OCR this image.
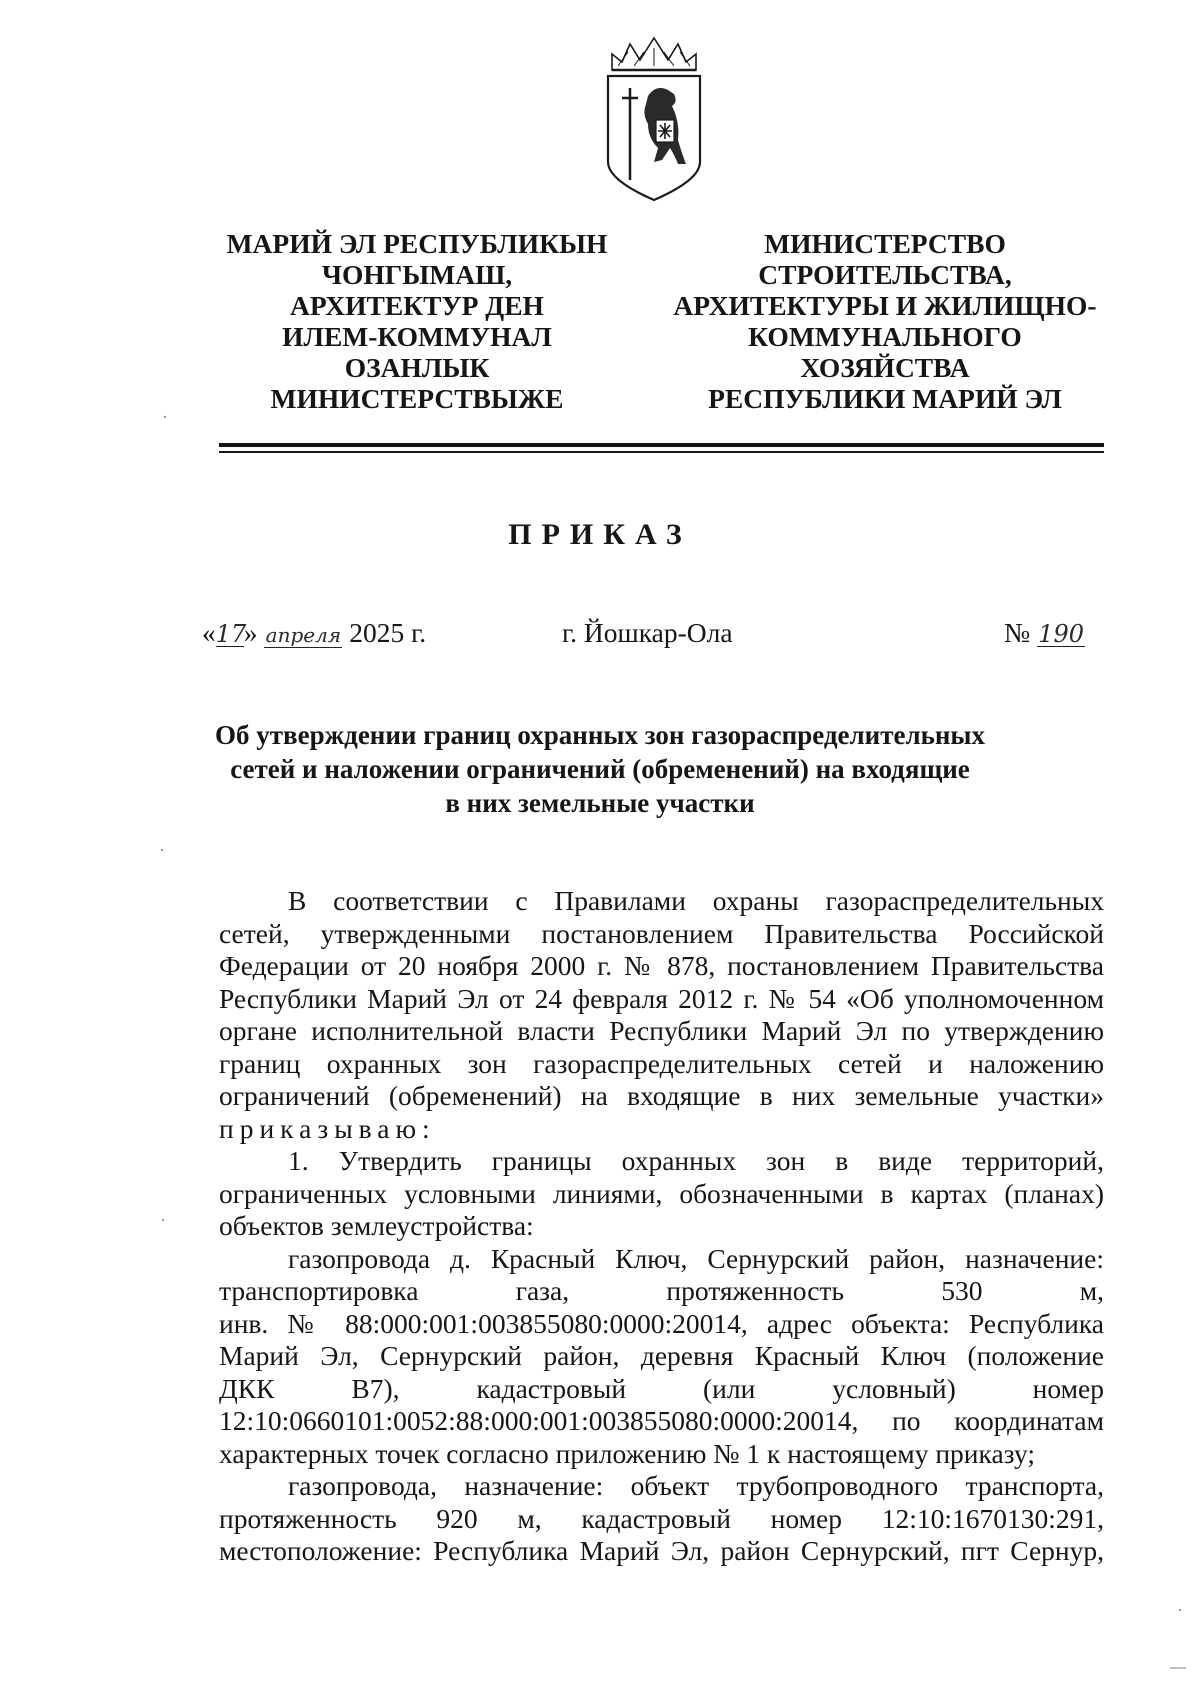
МАРИЙ ЭЛ РЕСПУБЛИКЫН
ЧОНГЫМАШ,
АРХИТЕКТУР ДЕН
ИЛЕМ-КОММУНАЛ
ОЗАНЛЫК
МИНИСТЕРСТВЫЖЕ
МИНИСТЕРСТВО
СТРОИТЕЛЬСТВА,
АРХИТЕКТУРЫ И ЖИЛИЩНО-
КОММУНАЛЬНОГО
ХОЗЯЙСТВА
РЕСПУБЛИКИ МАРИЙ ЭЛ
ПРИКАЗ
«17» апреля 2025 г.	г. Йошкар-Ола	№ 190
Об утверждении границ охранных зон газораспределительных
сетей и наложении ограничений (обременений) на входящие
в них земельные участки

В соответствии с Правилами охраны газораспределительных

сетей, утвержденными постановлением Правительства Российской

Федерации от 20 ноября 2000 г. № 878, постановлением Правительства

Республики Марий Эл от 24 февраля 2012 г. № 54 «Об уполномоченном

органе исполнительной власти Республики Марий Эл по утверждению

границ охранных зон газораспределительных сетей и наложению

ограничений (обременений) на входящие в них земельные участки»

приказываю:

1. Утвердить границы охранных зон в виде территорий,

ограниченных условными линиями, обозначенными в картах (планах)

объектов землеустройства:

газопровода д. Красный Ключ, Сернурский район, назначение:

транспортировка газа, протяженность 530 м,

инв. № 88:000:001:003855080:0000:20014, адрес объекта: Республика

Марий Эл, Сернурский район, деревня Красный Ключ (положение

ДКК В7), кадастровый (или условный) номер

12:10:0660101:0052:88:000:001:003855080:0000:20014, по координатам

характерных точек согласно приложению № 1 к настоящему приказу;

газопровода, назначение: объект трубопроводного транспорта,

протяженность 920 м, кадастровый номер 12:10:1670130:291,

местоположение: Республика Марий Эл, район Сернурский, пгт Сернур,
